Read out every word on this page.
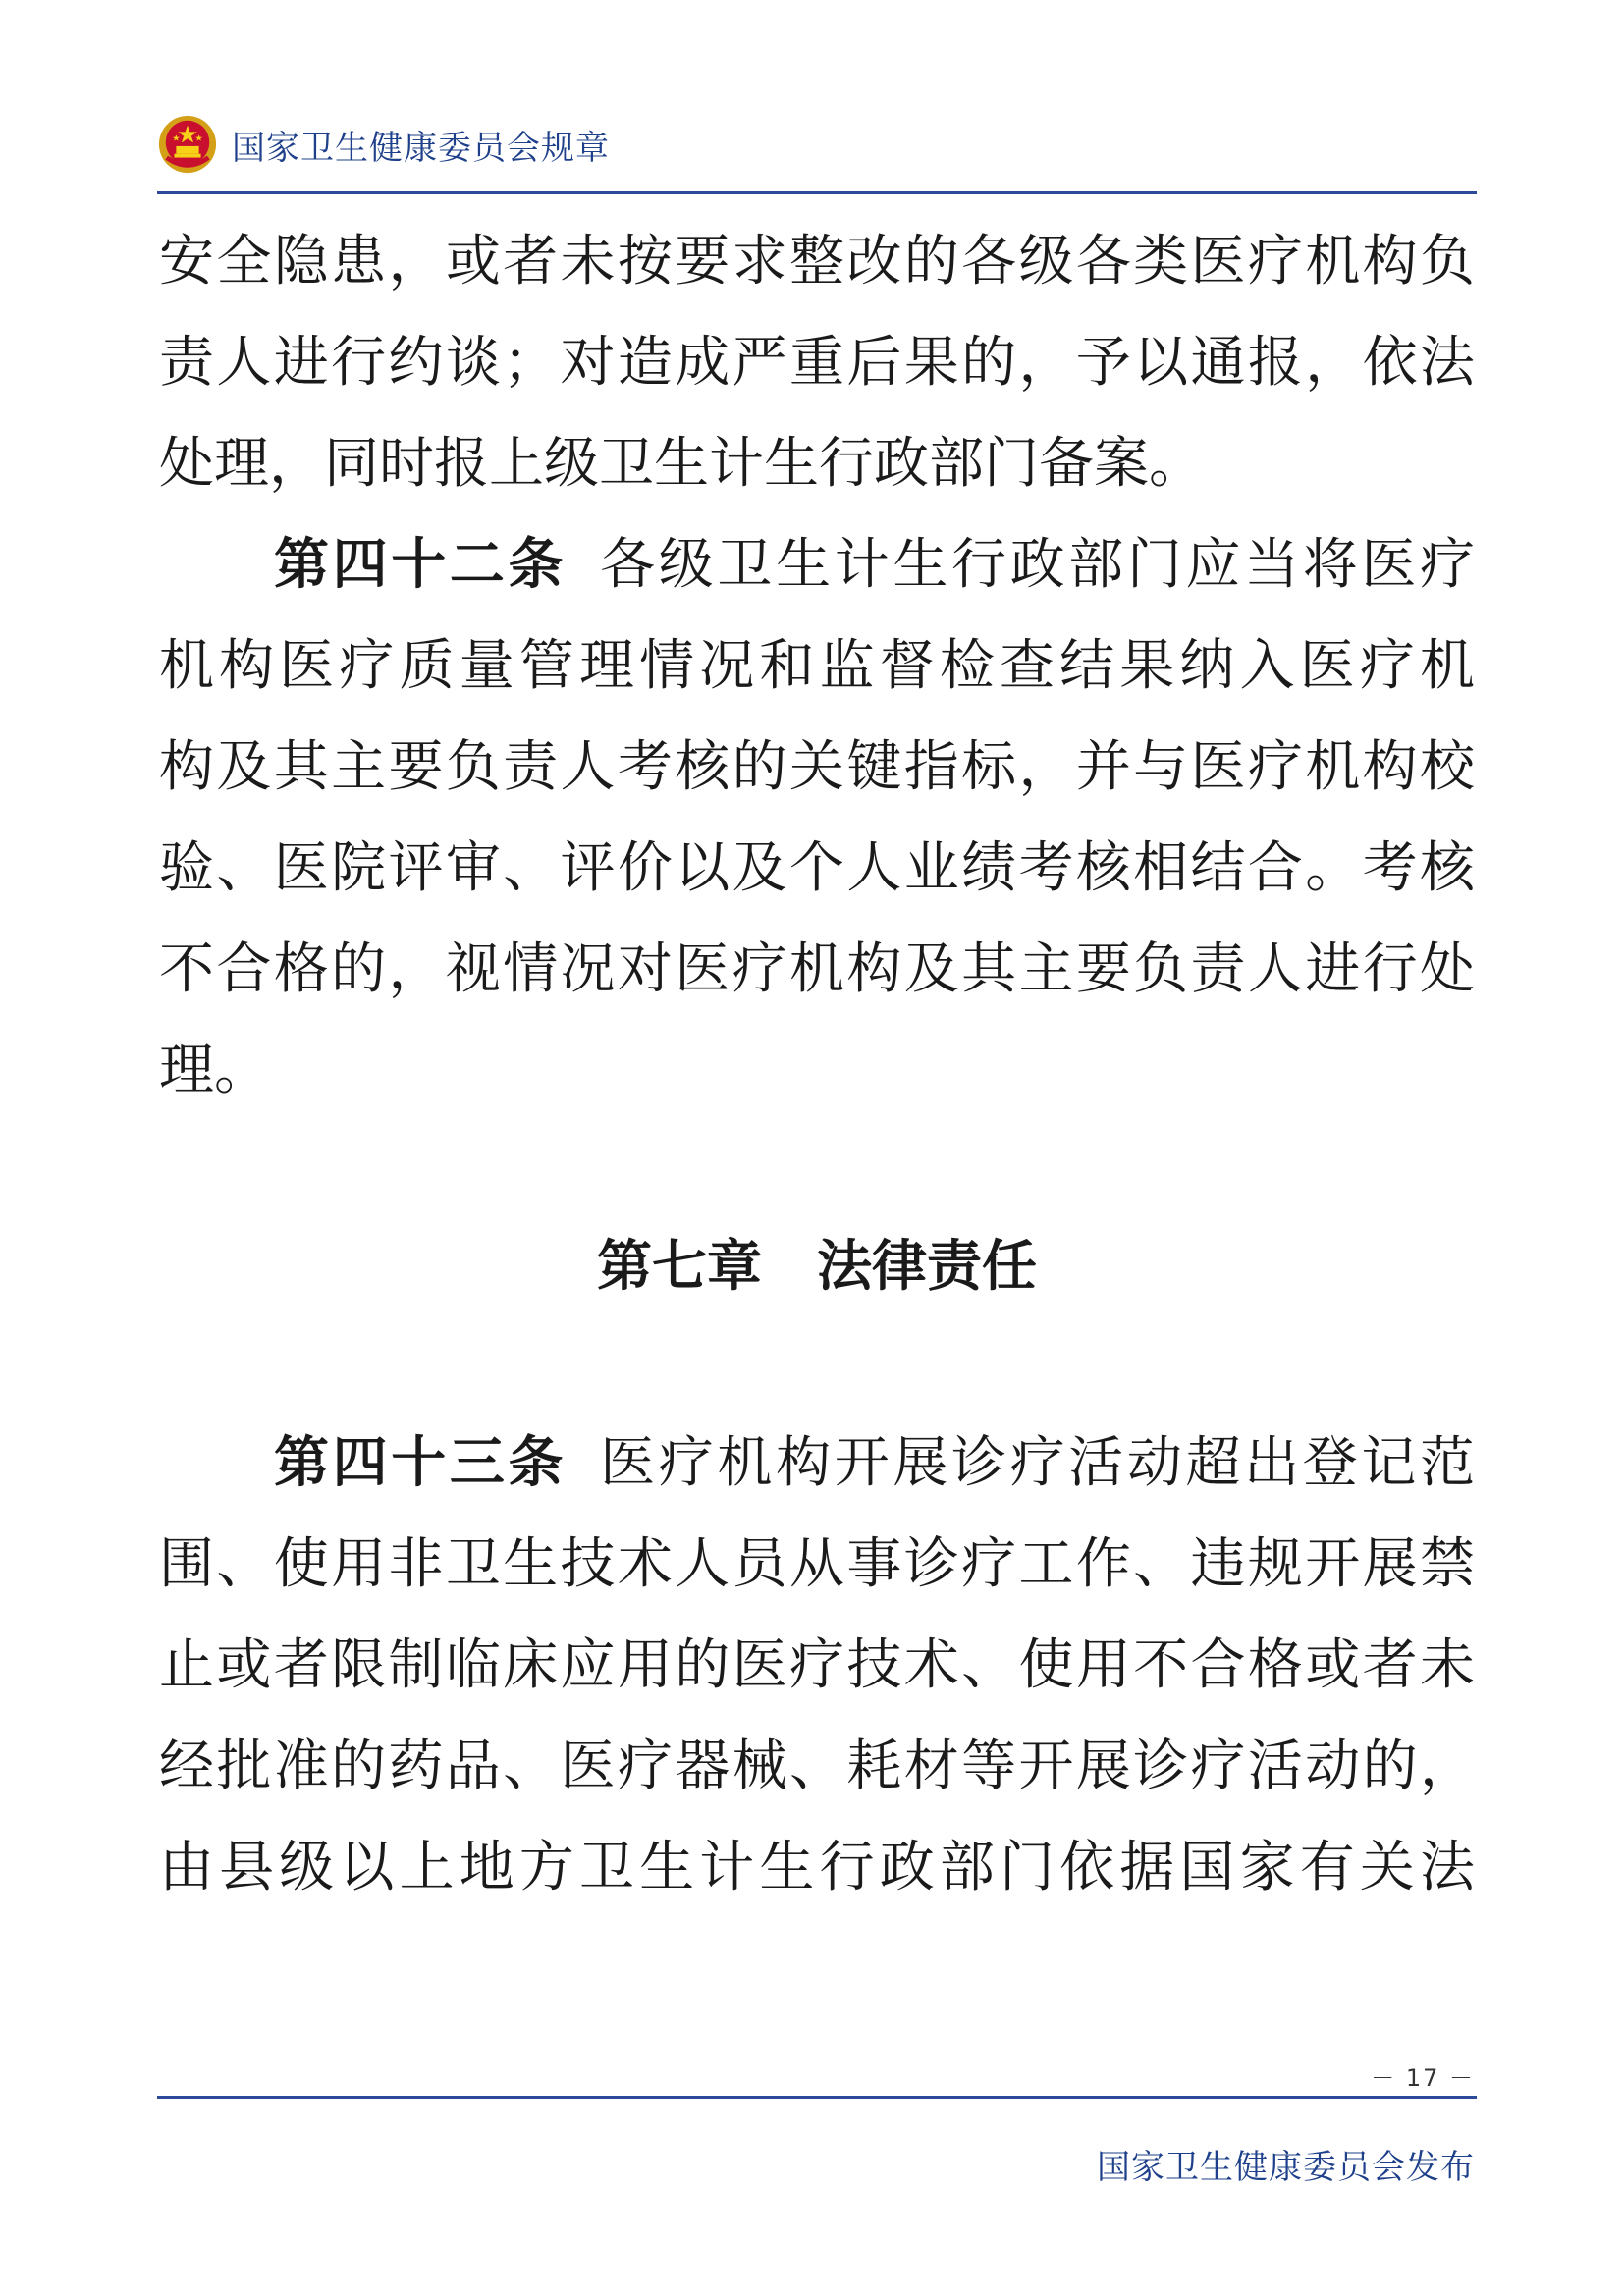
国家卫生健康委员会规章
安全隐患，或者未按要求整改的各级各类医疗机构负
责人进行约谈；对造成严重后果的，予以通报，依法
处理，同时报上级卫生计生行政部门备案。
第四十二条 各级卫生计生行政部门应当将医疗
机构医疗质量管理情况和监督检查结果纳入医疗机
构及其主要负责人考核的关键指标，并与医疗机构校
验、医院评审、评价以及个人业绩考核相结合。考核
不合格的，视情况对医疗机构及其主要负责人进行处
理。
第七章　法律责任
第四十三条 医疗机构开展诊疗活动超出登记范
围、使用非卫生技术人员从事诊疗工作、违规开展禁
止或者限制临床应用的医疗技术、使用不合格或者未
经批准的药品、医疗器械、耗材等开展诊疗活动的，
由县级以上地方卫生计生行政部门依据国家有关法
－ 17 －
国家卫生健康委员会发布
